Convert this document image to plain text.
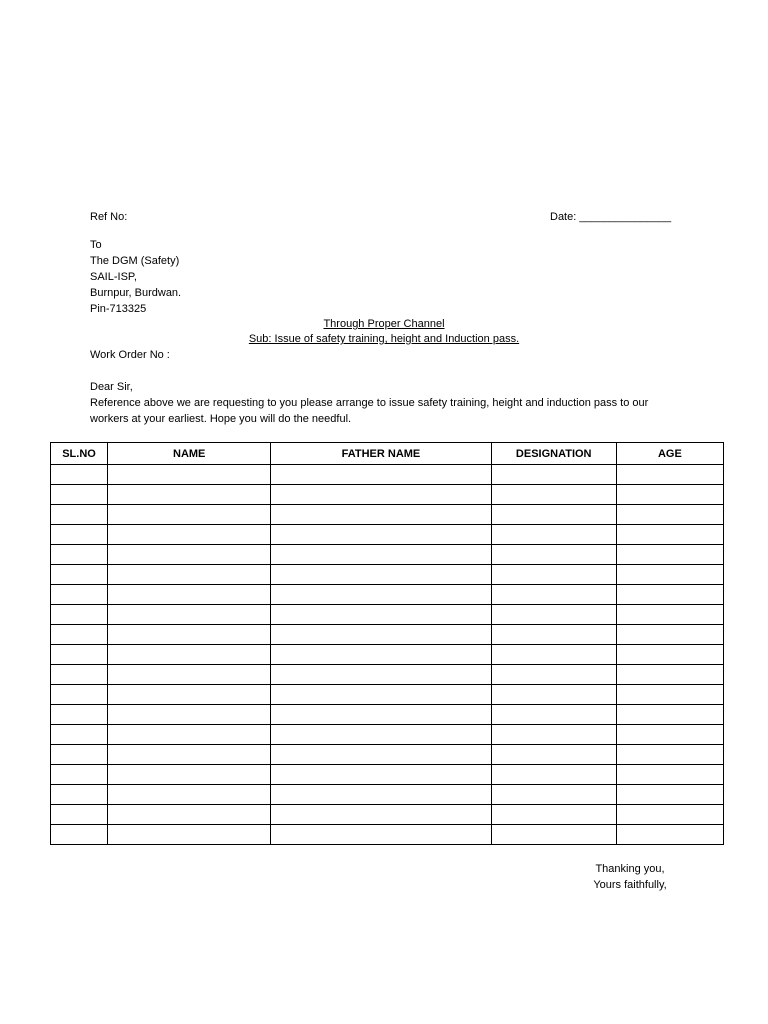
Ref No:	Date: _______________
To
The DGM (Safety)
SAIL-ISP,
Burnpur, Burdwan.
Pin-713325
Through Proper Channel
Sub: Issue of safety training, height and Induction pass.
Work Order No :
Dear Sir,
Reference above we are requesting to you please arrange to issue safety training, height and induction pass to our
workers at your earliest. Hope you will do the needful.
SL.NO	NAME	FATHER NAME	DESIGNATION	AGE

Thanking you,
Yours faithfully,
